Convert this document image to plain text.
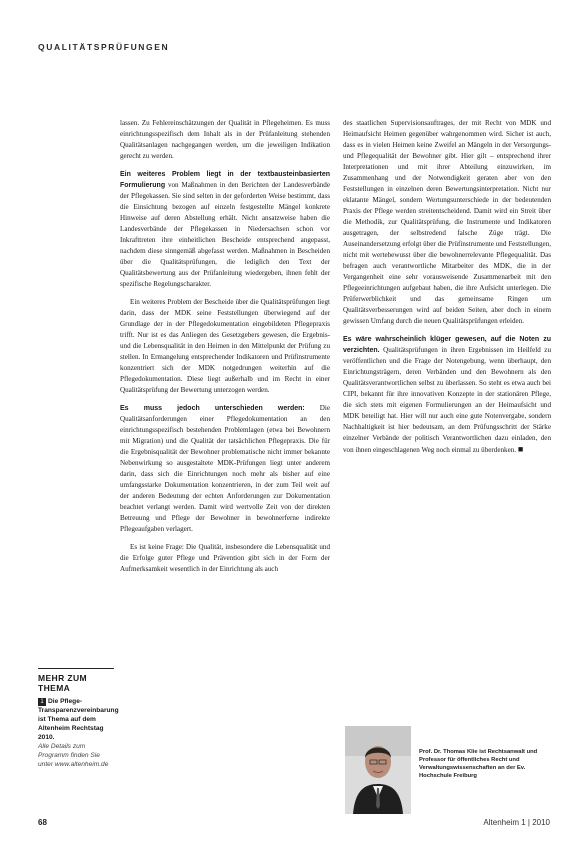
QUALITÄTSPRÜFUNGEN

lassen. Zu Fehlereinschätzungen der Qualität in Pflegeheimen. Es muss einrichtungsspezifisch dem Inhalt als in der Prüfanleitung stehenden Qualitätsanlagen nachgegangen werden, um die jeweiligen Indikation gerecht zu werden.

Ein weiteres Problem liegt in der textbausteinbasierten Formulierung von Maßnahmen in den Berichten der Landesverbände der Pflegekassen. Sie sind selten in der geforderten Weise bestimmt, dass die Einsichtung bezogen auf einzeln festgestellte Mängel konkrete Hinweise auf deren Abstellung erhält. Nicht ansatzweise haben die Landesverbände der Pflegekassen in Niedersachsen schon vor Inkrafttreten ihre einheitlichen Bescheide entsprechend angepasst, nachdem diese sinngemäß abgefasst werden. Maßnahmen in Bescheiden über die Qualitätsprüfungen, die lediglich den Text der Qualitätsbewertung aus der Prüfanleitung wiedergeben, ihnen fehlt der spezifische Regelungscharakter.

Ein weiteres Problem der Bescheide über die Qualitätsprüfungen liegt darin, dass der MDK seine Feststellungen überwiegend auf der Grundlage der in der Pflegedokumentation eingebildeten Pflegepraxis trifft. Nur ist es das Anliegen des Gesetzgebers gewesen, die Ergebnis- und die Lebensqualität in den Heimen in den Mittelpunkt der Prüfung zu stellen. In Ermangelung entsprechender Indikatoren und Prüfinstrumente konzentriert sich der MDK notgedrungen weiterhin auf die Pflegedokumentation. Diese liegt außerhalb und im Recht in einer Qualitätsprüfung der Bewertung unterzogen werden.

Es muss jedoch unterschieden werden: Die Qualitätsanforderungen einer Pflegedokumentation an den einrichtungsspezifisch bestehenden Problemlagen (etwa bei Bewohnern mit Migration) und die Qualität der tatsächlichen Pflegepraxis. Die für die Ergebnisqualität der Bewohner problematische nicht immer bekannte Nebenwirkung so ausgestaltete MDK-Prüfungen liegt unter anderem darin, dass sich die Einrichtungen noch mehr als bisher auf eine umfangsstarke Dokumentation konzentrieren, in der zum Teil weit auf der anderen Bedeutung der echten Anforderungen zur Dokumentation beachtet verlangt werden. Damit wird wertvolle Zeit von der direkten Betreuung und Pflege der Bewohner in bewohnerferne indirekte Pflegeaufgaben verlagert.

Es ist keine Frage: Die Qualität, insbesondere die Lebensqualität und die Erfolge guter Pflege und Prävention gibt sich in der Form der Aufmerksamkeit wesentlich in der Einrichtung als auch

des staatlichen Supervisionsauftrages, der mit Recht von MDK und Heimaufsicht Heimen gegenüber wahrgenommen wird. Sicher ist auch, dass es in vielen Heimen keine Zweifel an Mängeln in der Versorgungs- und Pflegequalität der Bewohner gibt. Hier gilt – entsprechend ihrer Interpretationen und mit ihrer Abteilung einzuwirken, im Zusammenhang und der Notwendigkeit geraten aber von den Feststellungen in einzelnen deren Bewertungsinterpretation. Nicht nur eklatante Mängel, sondern Wertungsunterschiede in der bedeutenden Praxis der Pflege werden streitentscheidend. Damit wird ein Streit über die Methodik, zur Qualitätsprüfung, die Instrumente und Indikatoren ausgetragen, der selbstredend falsche Züge trägt. Die Auseinandersetzung erfolgt über die Prüfinstrumente und Feststellungen, nicht mit wertebewusst über die bewohnerrelevante Pflegequalität. Das befragen auch verantwortliche Mitarbeiter des MDK, die in der Vergangenheit eine sehr vorausweisende Zusammenarbeit mit den Pflegeeinrichtungen aufgebaut haben, die ihre Aufsicht unterlegen. Die Prüferwerblichkeit und das gemeinsame Ringen um Qualitätsverbesserungen wird auf beiden Seiten, aber doch in einem gewissen Umfang durch die neuen Qualitätsprüfungen erleiden.

Es wäre wahrscheinlich klüger gewesen, auf die Noten zu verzichten. Qualitätsprüfungen in ihren Ergebnissen im Heilfeld zu veröffentlichen und die Frage der Notengebung, wenn überhaupt, den Einrichtungsträgern, deren Verbänden und den Bewohnern als den Qualitätsverantwortlichen selbst zu überlassen. So steht es etwa auch bei CIPI, bekannt für ihre innovativen Konzepte in der stationären Pflege, die sich stets mit eigenen Formulierungen an der Heimaufsicht und MDK beteiligt hat. Hier will nur auch eine gute Notenvergabe, sondern Nachhaltigkeit ist hier bedeutsam, an dem Prüfungsschritt der Stärke einzelner Verbände der politisch Verantwortlichen dazu einladen, den von ihnen eingeschlagenen Weg noch einmal zu überdenken. ■

MEHR ZUM THEMA
1 Die Pflege-Transparenzvereinbarung ist Thema auf dem Altenheim Rechtstag 2010.
Alle Details zum Programm finden Sie unter www.altenheim.de
Prof. Dr. Thomas Klie ist Rechtsanwalt und Professor für öffentliches Recht und Verwaltungswissenschaften an der Ev. Hochschule Freiburg
68	Altenheim 1 | 2010
